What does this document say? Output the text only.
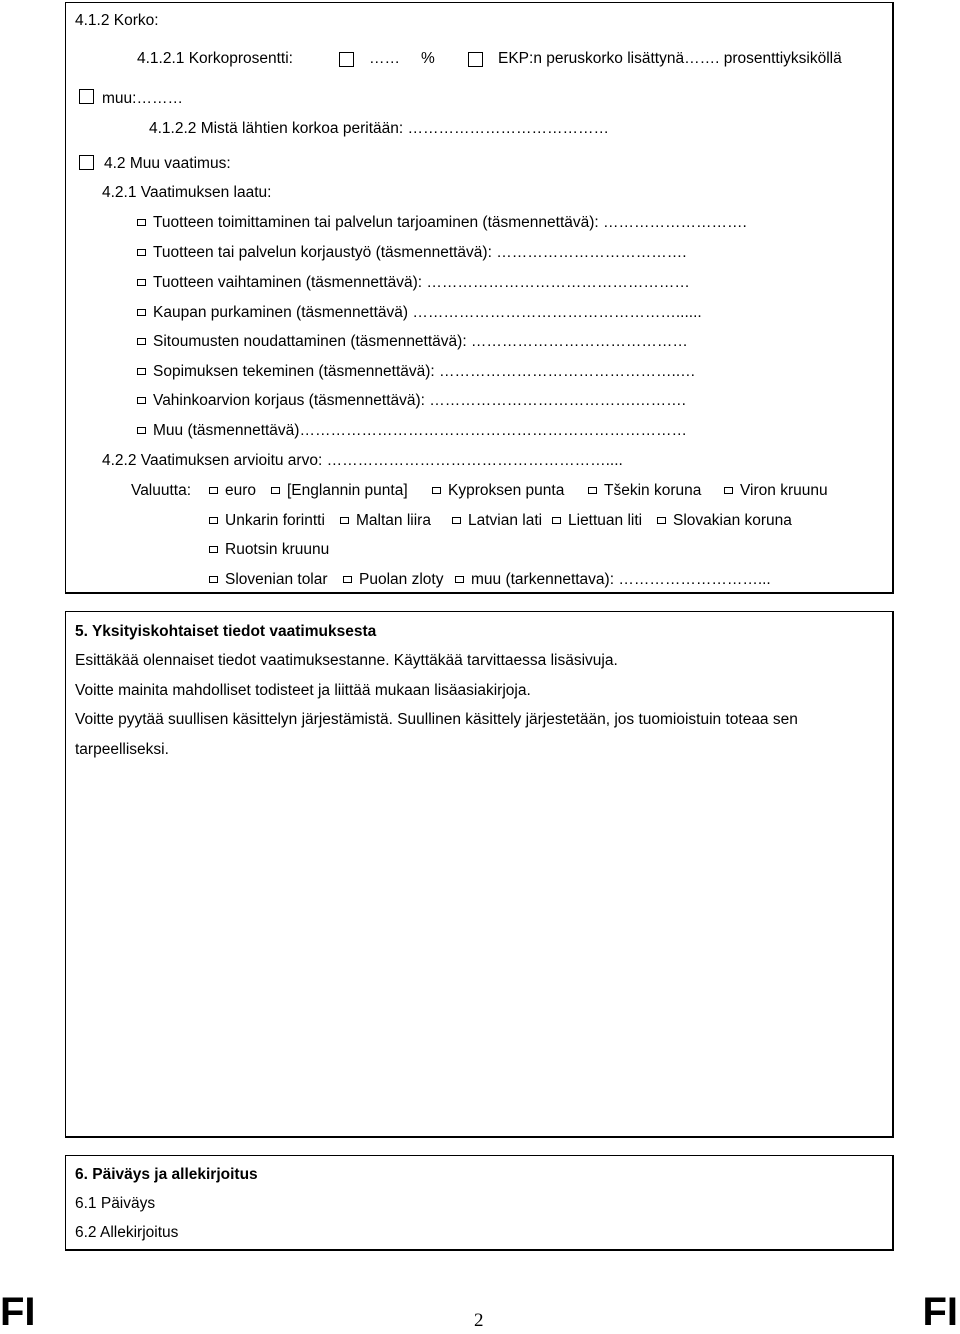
4.1.2 Korko:
4.1.2.1 Korkoprosentti:	…… %	EKP:n peruskorko lisättynä……. prosenttiyksiköllä
muu:………
4.1.2.2 Mistä lähtien korkoa peritään: …………………………………
4.2 Muu vaatimus:
4.2.1 Vaatimuksen laatu:
Tuotteen toimittaminen tai palvelun tarjoaminen (täsmennettävä): ……………………….
Tuotteen tai palvelun korjaustyö (täsmennettävä): ……………………………….
Tuotteen vaihtaminen (täsmennettävä): ……………………………………………
Kaupan purkaminen (täsmennettävä) ……………………………………………......
Sitoumusten noudattaminen (täsmennettävä): ……………………………………
Sopimuksen tekeminen (täsmennettävä): ………………………………………..…
Vahinkoarvion korjaus (täsmennettävä): ………………………………….……….
Muu (täsmennettävä)…………………………………………………………………
4.2.2 Vaatimuksen arvioitu arvo: ………………………………………………....
Valuutta:	euro	[Englannin punta]	Kyproksen punta	Tšekin koruna	Viron kruunu
Unkarin forintti	Maltan liira	Latvian lati	Liettuan liti	Slovakian koruna
Ruotsin kruunu
Slovenian tolar	Puolan zloty	muu (tarkennettava): ………………………...
5. Yksityiskohtaiset tiedot vaatimuksesta
Esittäkää olennaiset tiedot vaatimuksestanne. Käyttäkää tarvittaessa lisäsivuja.
Voitte mainita mahdolliset todisteet ja liittää mukaan lisäasiakirjoja.
Voitte pyytää suullisen käsittelyn järjestämistä. Suullinen käsittely järjestetään, jos tuomioistuin toteaa sen
tarpeelliseksi.
6. Päiväys ja allekirjoitus
6.1 Päiväys
6.2 Allekirjoitus
FI	2	FI
